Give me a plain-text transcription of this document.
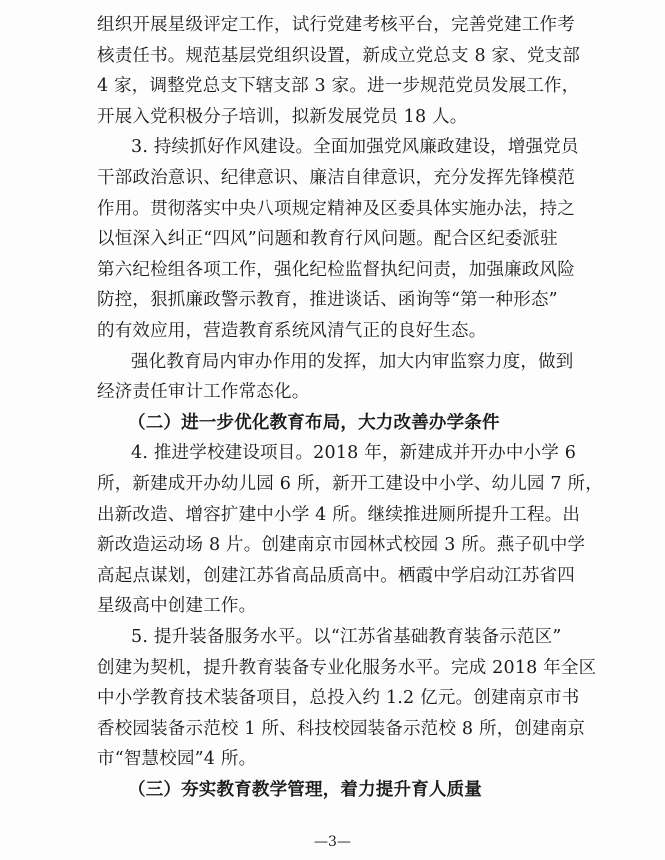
组织开展星级评定工作，试行党建考核平台，完善党建工作考
核责任书。规范基层党组织设置，新成立党总支 8 家、党支部
4 家，调整党总支下辖支部 3 家。进一步规范党员发展工作，
开展入党积极分子培训，拟新发展党员 18 人。
3. 持续抓好作风建设。全面加强党风廉政建设，增强党员
干部政治意识、纪律意识、廉洁自律意识，充分发挥先锋模范
作用。贯彻落实中央八项规定精神及区委具体实施办法，持之
以恒深入纠正“四风”问题和教育行风问题。配合区纪委派驻
第六纪检组各项工作，强化纪检监督执纪问责，加强廉政风险
防控，狠抓廉政警示教育，推进谈话、函询等“第一种形态”
的有效应用，营造教育系统风清气正的良好生态。
强化教育局内审办作用的发挥，加大内审监察力度，做到
经济责任审计工作常态化。
（二）进一步优化教育布局，大力改善办学条件
4. 推进学校建设项目。2018 年，新建成并开办中小学 6
所，新建成开办幼儿园 6 所，新开工建设中小学、幼儿园 7 所，
出新改造、增容扩建中小学 4 所。继续推进厕所提升工程。出
新改造运动场 8 片。创建南京市园林式校园 3 所。燕子矶中学
高起点谋划，创建江苏省高品质高中。栖霞中学启动江苏省四
星级高中创建工作。
5. 提升装备服务水平。以“江苏省基础教育装备示范区”
创建为契机，提升教育装备专业化服务水平。完成 2018 年全区
中小学教育技术装备项目，总投入约 1.2 亿元。创建南京市书
香校园装备示范校 1 所、科技校园装备示范校 8 所，创建南京
市“智慧校园”4 所。
（三）夯实教育教学管理，着力提升育人质量
—3—
